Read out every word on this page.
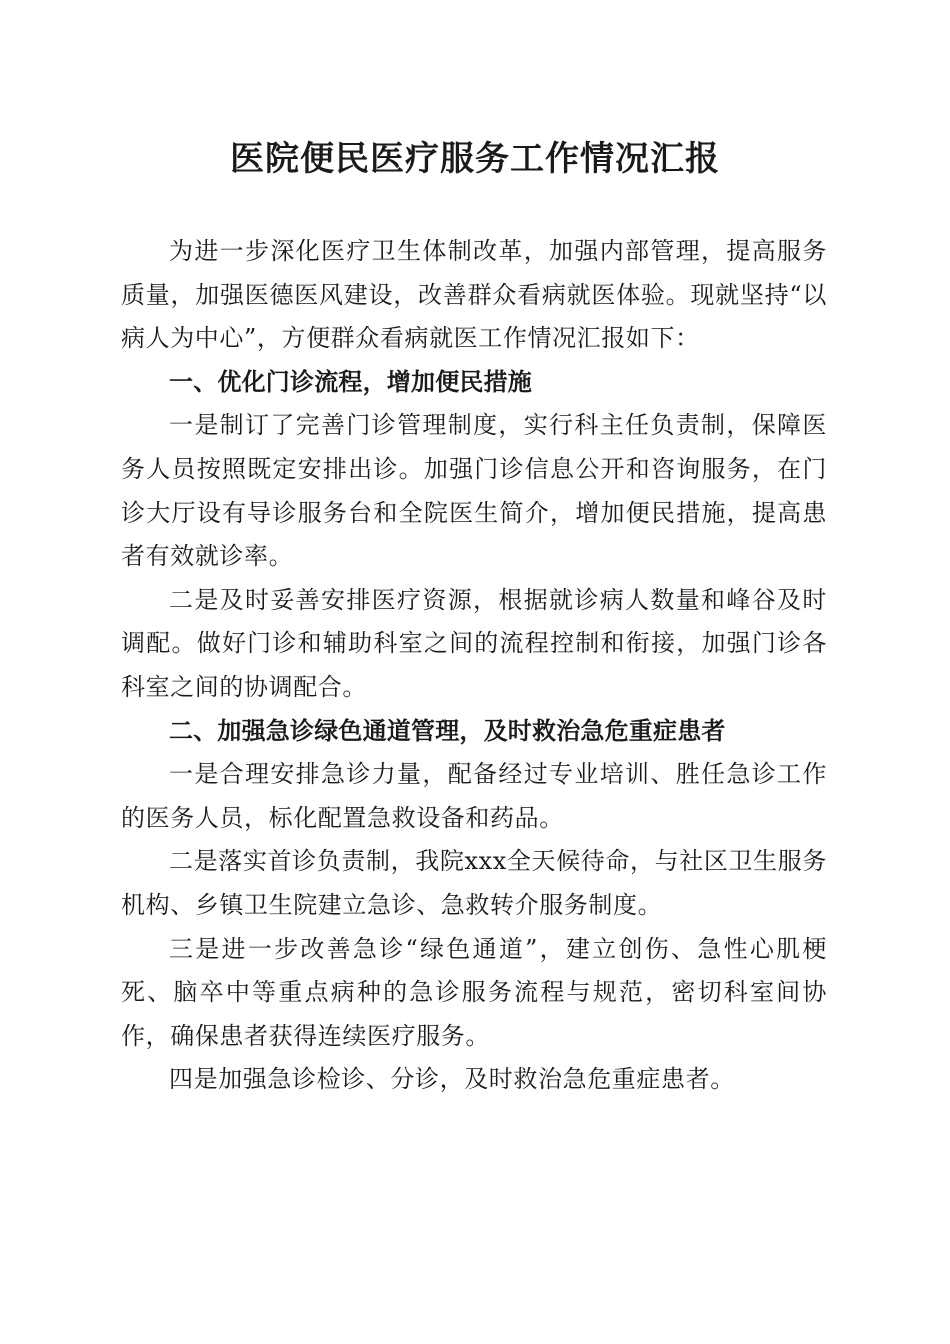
医院便民医疗服务工作情况汇报

为进一步深化医疗卫生体制改革，加强内部管理，提高服务质量，加强医德医风建设，改善群众看病就医体验。现就坚持“以病人为中心”，方便群众看病就医工作情况汇报如下：

一、优化门诊流程，增加便民措施

一是制订了完善门诊管理制度，实行科主任负责制，保障医务人员按照既定安排出诊。加强门诊信息公开和咨询服务，在门诊大厅设有导诊服务台和全院医生简介，增加便民措施，提高患者有效就诊率。

二是及时妥善安排医疗资源，根据就诊病人数量和峰谷及时调配。做好门诊和辅助科室之间的流程控制和衔接，加强门诊各科室之间的协调配合。

二、加强急诊绿色通道管理，及时救治急危重症患者

一是合理安排急诊力量，配备经过专业培训、胜任急诊工作的医务人员，标化配置急救设备和药品。

二是落实首诊负责制，我院xxx全天候待命，与社区卫生服务机构、乡镇卫生院建立急诊、急救转介服务制度。

三是进一步改善急诊“绿色通道”，建立创伤、急性心肌梗死、脑卒中等重点病种的急诊服务流程与规范，密切科室间协作，确保患者获得连续医疗服务。

四是加强急诊检诊、分诊，及时救治急危重症患者。
